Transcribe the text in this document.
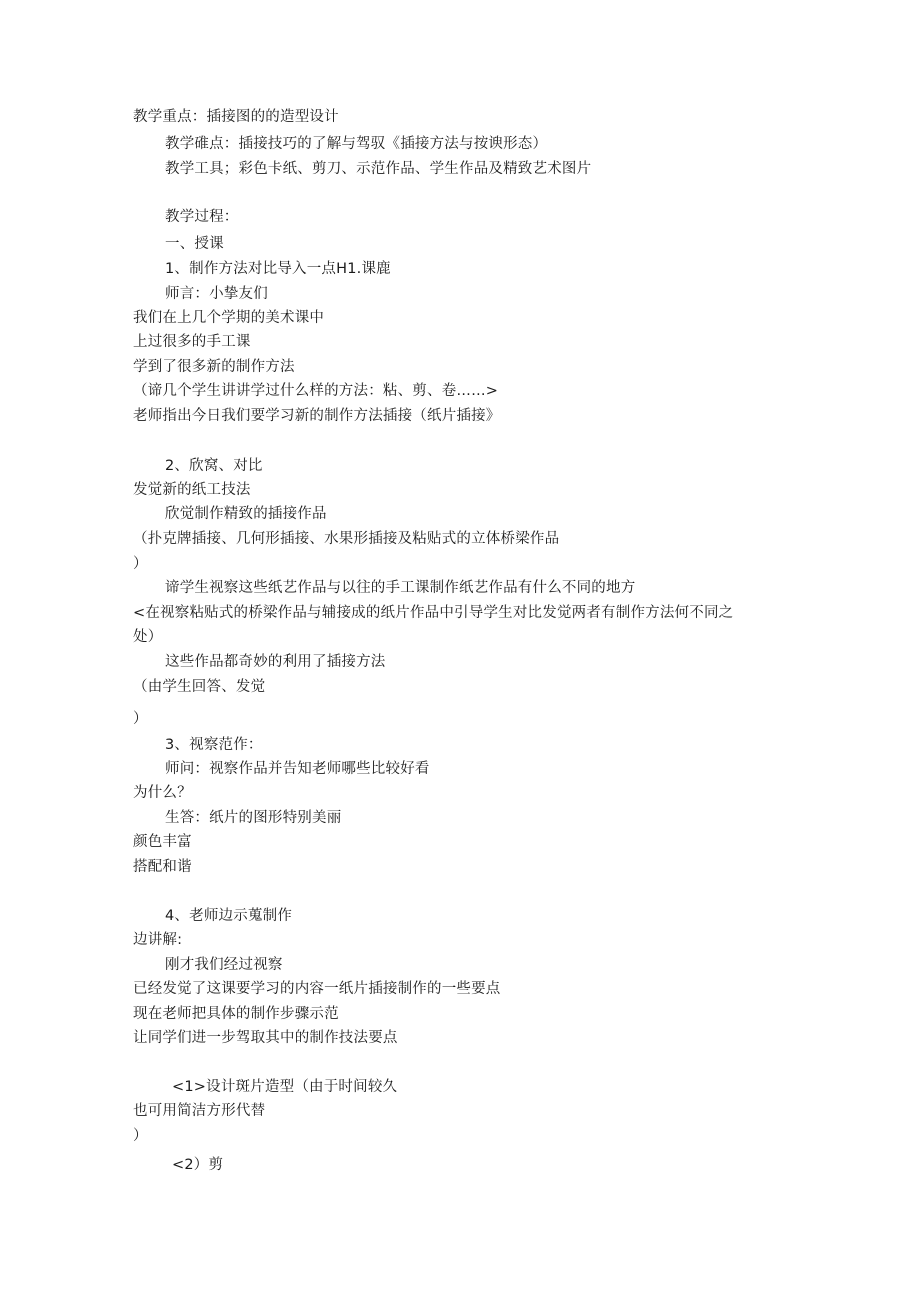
教学重点：插接图的的造型设计
教学碓点：插接技巧的了解与驾驭《插接方法与按谀形态）
教学工具；彩色卡纸、剪刀、示范作品、学生作品及精致艺术图片
教学过程：
一、授课
1、制作方法对比导入一点H1.课鹿
师言：小挚友们
我们在上几个学期的美术课中
上过很多的手工课
学到了很多新的制作方法
（谛几个学生讲讲学过什么样的方法：粘、剪、卷……>
老师指出今日我们要学习新的制作方法插接（纸片插接》
2、欣窝、对比
发觉新的纸工技法
欣觉制作精致的插接作品
（扑克牌插接、几何形插接、水果形插接及粘贴式的立体桥梁作品
）
谛学生视察这些纸艺作品与以往的手工课制作纸艺作品有什么不同的地方
<在视察粘贴式的桥梁作品与辅接成的纸片作品中引导学生对比发觉两者有制作方法何不同之
处）
这些作品都奇妙的利用了插接方法
（由学生回答、发觉
）
3、视察范作：
师问：视察作品并告知老师哪些比较好看
为什么？
生答：纸片的图形特别美丽
颜色丰富
搭配和谐
4、老师边示蒐制作
边讲解:
刚才我们经过视察
已经发觉了这课要学习的内容一纸片插接制作的一些要点
现在老师把具体的制作步骤示范
让同学们进一步驾取其中的制作技法要点
<1>设计斑片造型（由于时间较久
也可用简洁方形代替
）
<2）剪
